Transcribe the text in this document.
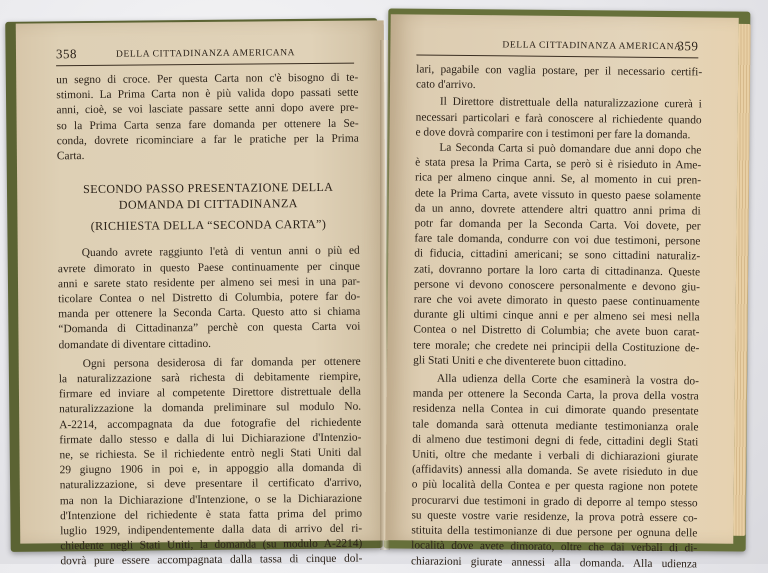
358	DELLA CITTADINANZA AMERICANA
un segno di croce. Per questa Carta non c'è bisogno di te-
stimoni. La Prima Carta non è più valida dopo passati sette
anni, cioè, se voi lasciate passare sette anni dopo avere pre-
so la Prima Carta senza fare domanda per ottenere la Se-
conda, dovrete ricominciare a far le pratiche per la Prima
Carta.
SECONDO PASSO PRESENTAZIONE DELLA
DOMANDA DI CITTADINANZA
(RICHIESTA DELLA “SECONDA CARTA”)
Quando avrete raggiunto l'età di ventun anni o più ed
avrete dimorato in questo Paese continuamente per cinque
anni e sarete stato residente per almeno sei mesi in una par-
ticolare Contea o nel Distretto di Columbia, potere far do-
manda per ottenere la Seconda Carta. Questo atto si chiama
“Domanda di Cittadinanza” perchè con questa Carta voi
domandate di diventare cittadino.
Ogni persona desiderosa di far domanda per ottenere
la naturalizzazione sarà richesta di debitamente riempire,
firmare ed inviare al competente Direttore distrettuale della
naturalizzazione la domanda preliminare sul modulo No.
A-2214, accompagnata da due fotografie del richiedente
firmate dallo stesso e dalla di lui Dichiarazione d'Intenzio-
ne, se richiesta. Se il richiedente entrò negli Stati Uniti dal
29 giugno 1906 in poi e, in appoggio alla domanda di
naturalizzazione, si deve presentare il certificato d'arrivo,
ma non la Dichiarazione d'Intenzione, o se la Dichiarazione
d'Intenzione del richiedente è stata fatta prima del primo
luglio 1929, indipendentemente dalla data di arrivo del ri-
chiedente negli Stati Uniti, la domanda (su modulo A-2214)
dovrà pure essere accompagnata dalla tassa di cinque dol-
DELLA CITTADINANZA AMERICANA
359
lari, pagabile con vaglia postare, per il necessario certifi-
cato d'arrivo.
Il Direttore distrettuale della naturalizzazione curerà i
necessari particolari e farà conoscere al richiedente quando
e dove dovrà comparire con i testimoni per fare la domanda.
La Seconda Carta si può domandare due anni dopo che
è stata presa la Prima Carta, se però si è risieduto in Ame-
rica per almeno cinque anni. Se, al momento in cui pren-
dete la Prima Carta, avete vissuto in questo paese solamente
da un anno, dovrete attendere altri quattro anni prima di
potr far domanda per la Seconda Carta. Voi dovete, per
fare tale domanda, condurre con voi due testimoni, persone
di fiducia, cittadini americani; se sono cittadini naturaliz-
zati, dovranno portare la loro carta di cittadinanza. Queste
persone vi devono conoscere personalmente e devono giu-
rare che voi avete dimorato in questo paese continuamente
durante gli ultimi cinque anni e per almeno sei mesi nella
Contea o nel Distretto di Columbia; che avete buon carat-
tere morale; che credete nei principii della Costituzione de-
gli Stati Uniti e che diventerete buon cittadino.
Alla udienza della Corte che esaminerà la vostra do-
manda per ottenere la Seconda Carta, la prova della vostra
residenza nella Contea in cui dimorate quando presentate
tale domanda sarà ottenuta mediante testimonianza orale
di almeno due testimoni degni di fede, cittadini degli Stati
Uniti, oltre che medante i verbali di dichiarazioni giurate
(affidavits) annessi alla domanda. Se avete risieduto in due
o più località della Contea e per questa ragione non potete
procurarvi due testimoni in grado di deporre al tempo stesso
su queste vostre varie residenze, la prova potrà essere co-
stituita della testimonianze di due persone per ognuna delle
località dove avete dimorato, oltre che dai verbali di di-
chiarazioni giurate annessi alla domanda. Alla udienza
